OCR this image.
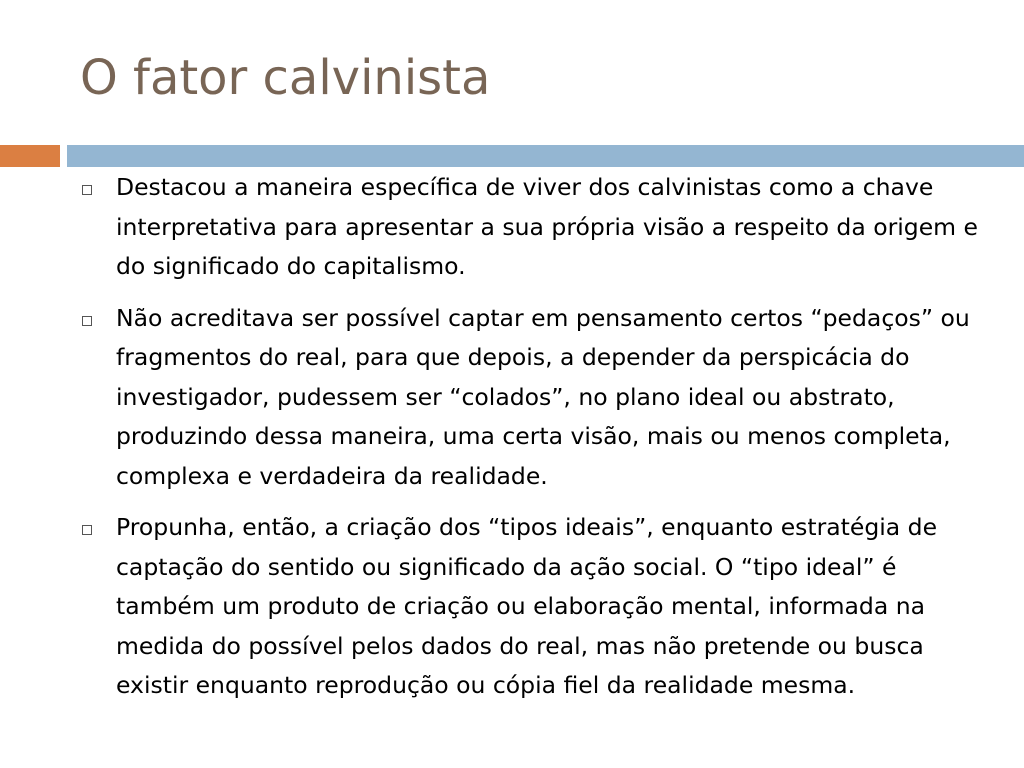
O fator calvinista
Destacou a maneira específica de viver dos calvinistas como a chave interpretativa para apresentar a sua própria visão a respeito da origem e do significado do capitalismo.
Não acreditava ser possível captar em pensamento certos “pedaços” ou fragmentos do real, para que depois, a depender da perspicácia do investigador, pudessem ser “colados”, no plano ideal ou abstrato, produzindo dessa maneira, uma certa visão, mais ou menos completa, complexa e verdadeira da realidade.
Propunha, então, a criação dos “tipos ideais”, enquanto estratégia de captação do sentido ou significado da ação social. O “tipo ideal” é também um produto de criação ou elaboração mental, informada na medida do possível pelos dados do real, mas não pretende ou busca existir enquanto reprodução ou cópia fiel da realidade mesma.
